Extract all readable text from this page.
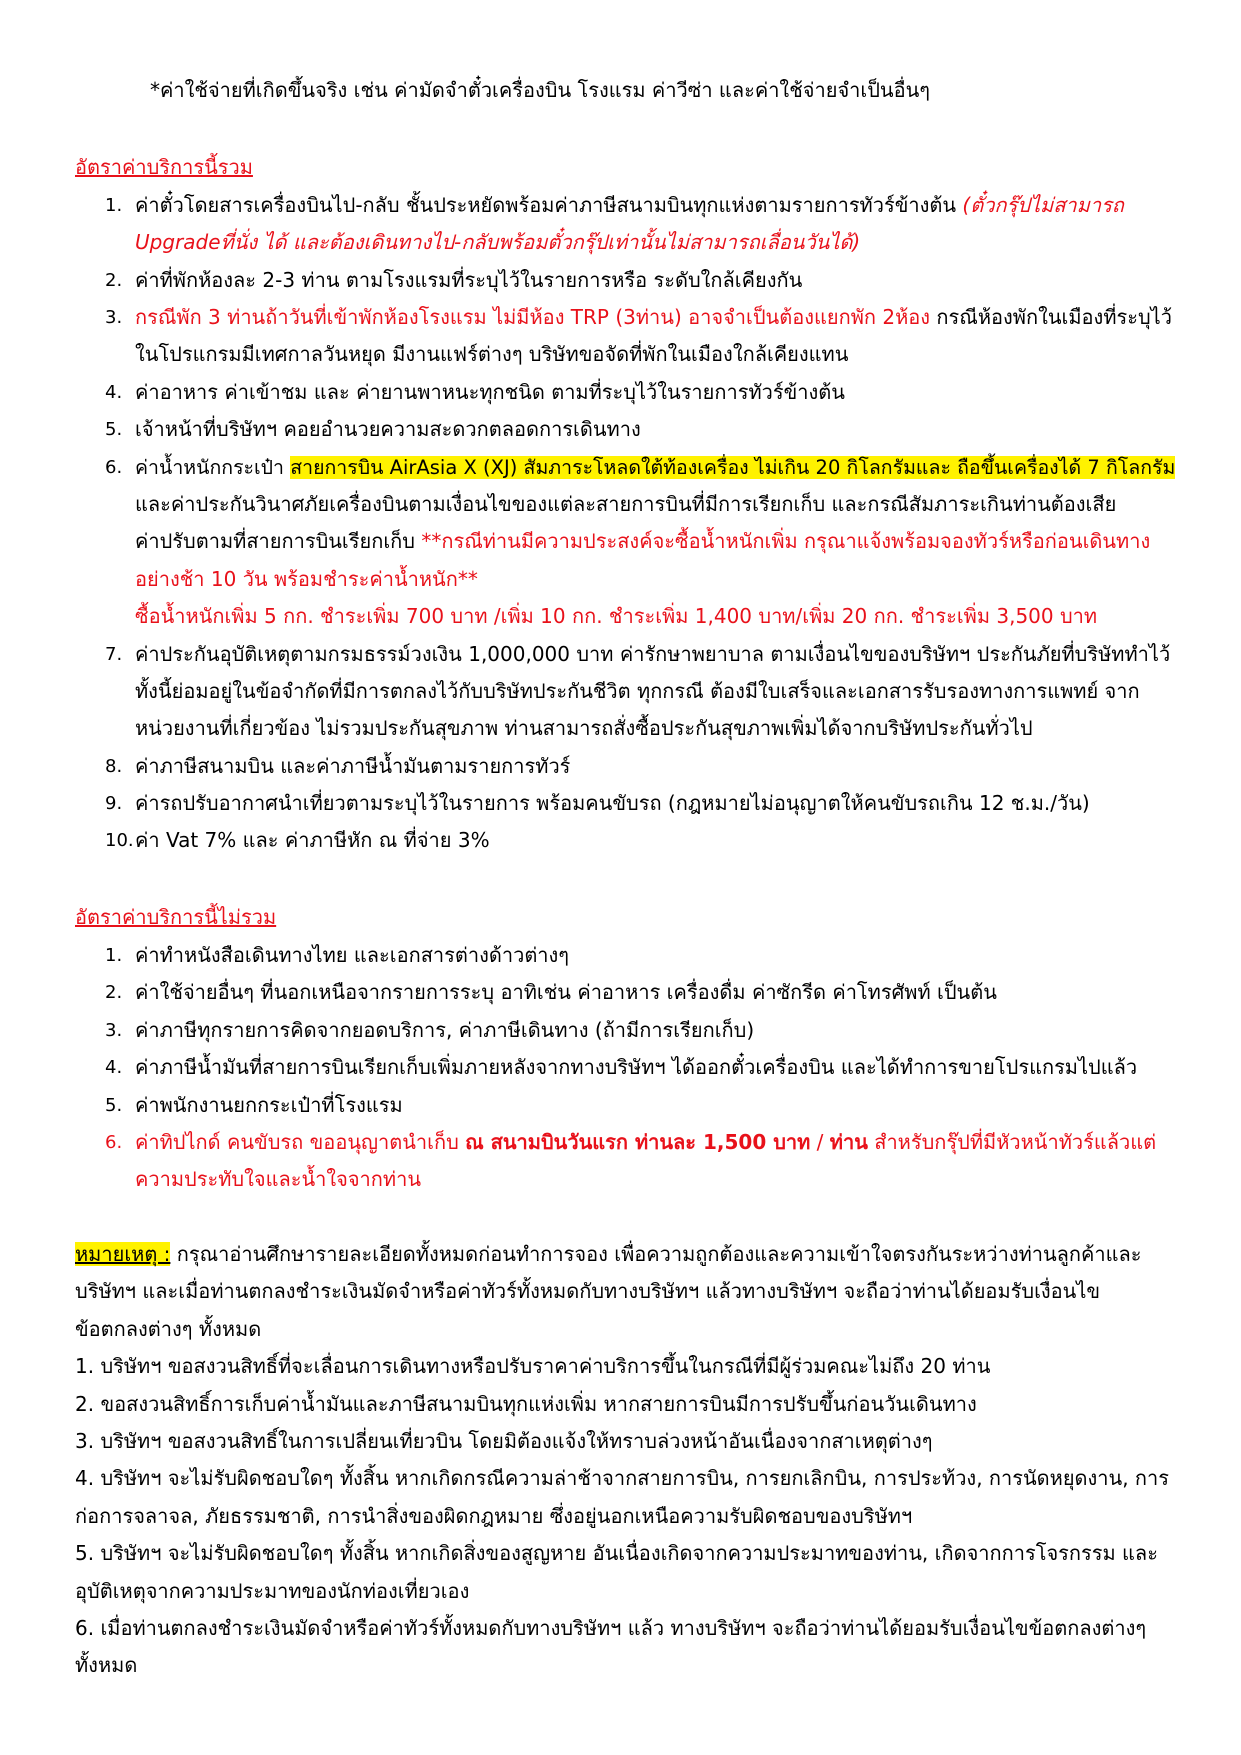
*ค่าใช้จ่ายที่เกิดขึ้นจริง เช่น ค่ามัดจำตั๋วเครื่องบิน โรงแรม ค่าวีซ่า และค่าใช้จ่ายจำเป็นอื่นๆ
อัตราค่าบริการนี้รวม
1. ค่าตั๋วโดยสารเครื่องบินไป-กลับ ชั้นประหยัดพร้อมค่าภาษีสนามบินทุกแห่งตามรายการทัวร์ข้างต้น (ตั๋วกรุ๊ปไม่สามารถ
Upgradeที่นั่ง ได้ และต้องเดินทางไป-กลับพร้อมตั๋วกรุ๊ปเท่านั้นไม่สามารถเลื่อนวันได้)
2. ค่าที่พักห้องละ 2-3 ท่าน ตามโรงแรมที่ระบุไว้ในรายการหรือ ระดับใกล้เคียงกัน
3. กรณีพัก 3 ท่านถ้าวันที่เข้าพักห้องโรงแรม ไม่มีห้อง TRP (3ท่าน) อาจจำเป็นต้องแยกพัก 2ห้อง กรณีห้องพักในเมืองที่ระบุไว้
ในโปรแกรมมีเทศกาลวันหยุด มีงานแฟร์ต่างๆ บริษัทขอจัดที่พักในเมืองใกล้เคียงแทน
4. ค่าอาหาร ค่าเข้าชม และ ค่ายานพาหนะทุกชนิด ตามที่ระบุไว้ในรายการทัวร์ข้างต้น
5. เจ้าหน้าที่บริษัทฯ คอยอำนวยความสะดวกตลอดการเดินทาง
6. ค่าน้ำหนักกระเป๋า สายการบิน AirAsia X (XJ) สัมภาระโหลดใต้ท้องเครื่อง ไม่เกิน 20 กิโลกรัมและ ถือขึ้นเครื่องได้ 7 กิโลกรัม
และค่าประกันวินาศภัยเครื่องบินตามเงื่อนไขของแต่ละสายการบินที่มีการเรียกเก็บ และกรณีสัมภาระเกินท่านต้องเสีย
ค่าปรับตามที่สายการบินเรียกเก็บ **กรณีท่านมีความประสงค์จะซื้อน้ำหนักเพิ่ม กรุณาแจ้งพร้อมจองทัวร์หรือก่อนเดินทาง
อย่างช้า 10 วัน พร้อมชำระค่าน้ำหนัก**
ซื้อน้ำหนักเพิ่ม 5 กก. ชำระเพิ่ม 700 บาท /เพิ่ม 10 กก. ชำระเพิ่ม 1,400 บาท/เพิ่ม 20 กก. ชำระเพิ่ม 3,500 บาท
7. ค่าประกันอุบัติเหตุตามกรมธรรม์วงเงิน 1,000,000 บาท ค่ารักษาพยาบาล ตามเงื่อนไขของบริษัทฯ ประกันภัยที่บริษัททำไว้
ทั้งนี้ย่อมอยู่ในข้อจำกัดที่มีการตกลงไว้กับบริษัทประกันชีวิต ทุกกรณี ต้องมีใบเสร็จและเอกสารรับรองทางการแพทย์ จาก
หน่วยงานที่เกี่ยวข้อง ไม่รวมประกันสุขภาพ ท่านสามารถสั่งซื้อประกันสุขภาพเพิ่มได้จากบริษัทประกันทั่วไป
8. ค่าภาษีสนามบิน และค่าภาษีน้ำมันตามรายการทัวร์
9. ค่ารถปรับอากาศนำเที่ยวตามระบุไว้ในรายการ พร้อมคนขับรถ (กฎหมายไม่อนุญาตให้คนขับรถเกิน 12 ช.ม./วัน)
10. ค่า Vat 7% และ ค่าภาษีหัก ณ ที่จ่าย 3%
อัตราค่าบริการนี้ไม่รวม
1. ค่าทำหนังสือเดินทางไทย และเอกสารต่างด้าวต่างๆ
2. ค่าใช้จ่ายอื่นๆ ที่นอกเหนือจากรายการระบุ อาทิเช่น ค่าอาหาร เครื่องดื่ม ค่าซักรีด ค่าโทรศัพท์ เป็นต้น
3. ค่าภาษีทุกรายการคิดจากยอดบริการ, ค่าภาษีเดินทาง (ถ้ามีการเรียกเก็บ)
4. ค่าภาษีน้ำมันที่สายการบินเรียกเก็บเพิ่มภายหลังจากทางบริษัทฯ ได้ออกตั๋วเครื่องบิน และได้ทำการขายโปรแกรมไปแล้ว
5. ค่าพนักงานยกกระเป๋าที่โรงแรม
6. ค่าทิปไกด์ คนขับรถ ขออนุญาตนำเก็บ ณ สนามบินวันแรก ท่านละ 1,500 บาท / ท่าน สำหรับกรุ๊ปที่มีหัวหน้าทัวร์แล้วแต่
ความประทับใจและน้ำใจจากท่าน
หมายเหตุ : กรุณาอ่านศึกษารายละเอียดทั้งหมดก่อนทำการจอง เพื่อความถูกต้องและความเข้าใจตรงกันระหว่างท่านลูกค้าและ
บริษัทฯ และเมื่อท่านตกลงชำระเงินมัดจำหรือค่าทัวร์ทั้งหมดกับทางบริษัทฯ แล้วทางบริษัทฯ จะถือว่าท่านได้ยอมรับเงื่อนไข
ข้อตกลงต่างๆ ทั้งหมด
1. บริษัทฯ ขอสงวนสิทธิ์ที่จะเลื่อนการเดินทางหรือปรับราคาค่าบริการขึ้นในกรณีที่มีผู้ร่วมคณะไม่ถึง 20 ท่าน
2. ขอสงวนสิทธิ์การเก็บค่าน้ำมันและภาษีสนามบินทุกแห่งเพิ่ม หากสายการบินมีการปรับขึ้นก่อนวันเดินทาง
3. บริษัทฯ ขอสงวนสิทธิ์ในการเปลี่ยนเที่ยวบิน โดยมิต้องแจ้งให้ทราบล่วงหน้าอันเนื่องจากสาเหตุต่างๆ
4. บริษัทฯ จะไม่รับผิดชอบใดๆ ทั้งสิ้น หากเกิดกรณีความล่าช้าจากสายการบิน, การยกเลิกบิน, การประท้วง, การนัดหยุดงาน, การ
ก่อการจลาจล, ภัยธรรมชาติ, การนำสิ่งของผิดกฎหมาย ซึ่งอยู่นอกเหนือความรับผิดชอบของบริษัทฯ
5. บริษัทฯ จะไม่รับผิดชอบใดๆ ทั้งสิ้น หากเกิดสิ่งของสูญหาย อันเนื่องเกิดจากความประมาทของท่าน, เกิดจากการโจรกรรม และ
อุบัติเหตุจากความประมาทของนักท่องเที่ยวเอง
6. เมื่อท่านตกลงชำระเงินมัดจำหรือค่าทัวร์ทั้งหมดกับทางบริษัทฯ แล้ว ทางบริษัทฯ จะถือว่าท่านได้ยอมรับเงื่อนไขข้อตกลงต่างๆ
ทั้งหมด
